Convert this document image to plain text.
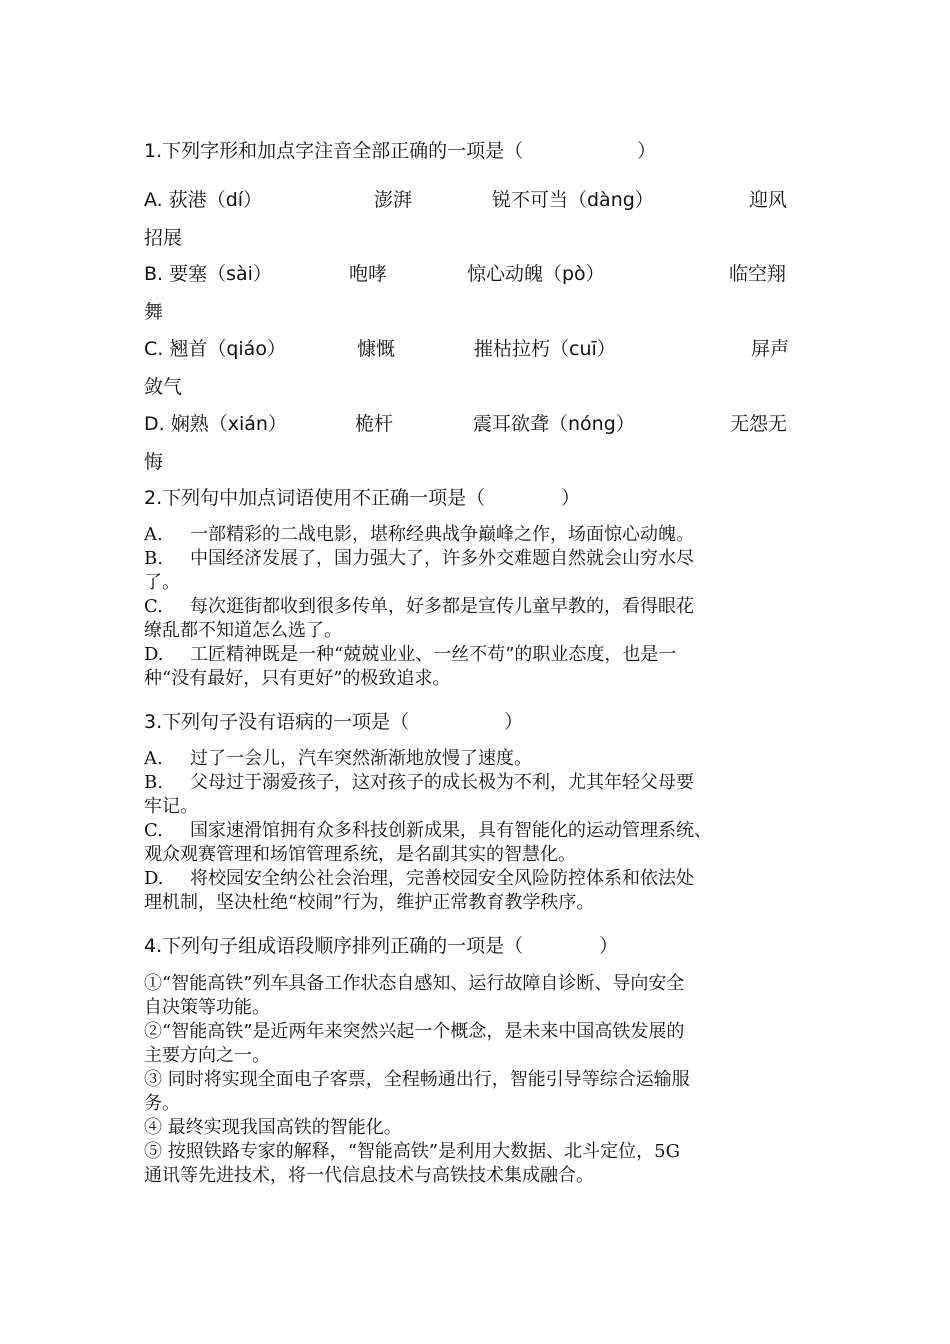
1.下列字形和加点字注音全部正确的一项是（　　　　　　）
A. 荻港（dí）	澎湃	锐不可当（dàng）	迎风
招展
B. 要塞（sài）	咆哮	惊心动魄（pò）	临空翔
舞
C. 翘首（qiáo）	慷慨	摧枯拉朽（cuī）	屏声
敛气
D. 娴熟（xián）	桅杆	震耳欲聋（nóng）	无怨无
悔
2.下列句中加点词语使用不正确一项是（　　　　）
A. 一部精彩的二战电影，堪称经典战争巅峰之作，场面惊心动魄。
B. 中国经济发展了，国力强大了，许多外交难题自然就会山穷水尽
了。
C. 每次逛街都收到很多传单，好多都是宣传儿童早教的，看得眼花
缭乱都不知道怎么选了。
D. 工匠精神既是一种“兢兢业业、一丝不苟”的职业态度，也是一
种“没有最好，只有更好”的极致追求。
3.下列句子没有语病的一项是（　　　　　）
A. 过了一会儿，汽车突然渐渐地放慢了速度。
B. 父母过于溺爱孩子，这对孩子的成长极为不利，尤其年轻父母要
牢记。
C. 国家速滑馆拥有众多科技创新成果，具有智能化的运动管理系统、
观众观赛管理和场馆管理系统，是名副其实的智慧化。
D. 将校园安全纳公社会治理，完善校园安全风险防控体系和依法处
理机制，坚决杜绝“校闹”行为，维护正常教育教学秩序。
4.下列句子组成语段顺序排列正确的一项是（　　　　）
①“智能高铁”列车具备工作状态自感知、运行故障自诊断、导向安全
自决策等功能。
②“智能高铁”是近两年来突然兴起一个概念，是未来中国高铁发展的
主要方向之一。
③ 同时将实现全面电子客票，全程畅通出行，智能引导等综合运输服
务。
④ 最终实现我国高铁的智能化。
⑤ 按照铁路专家的解释，“智能高铁”是利用大数据、北斗定位，5G
通讯等先进技术，将一代信息技术与高铁技术集成融合。
